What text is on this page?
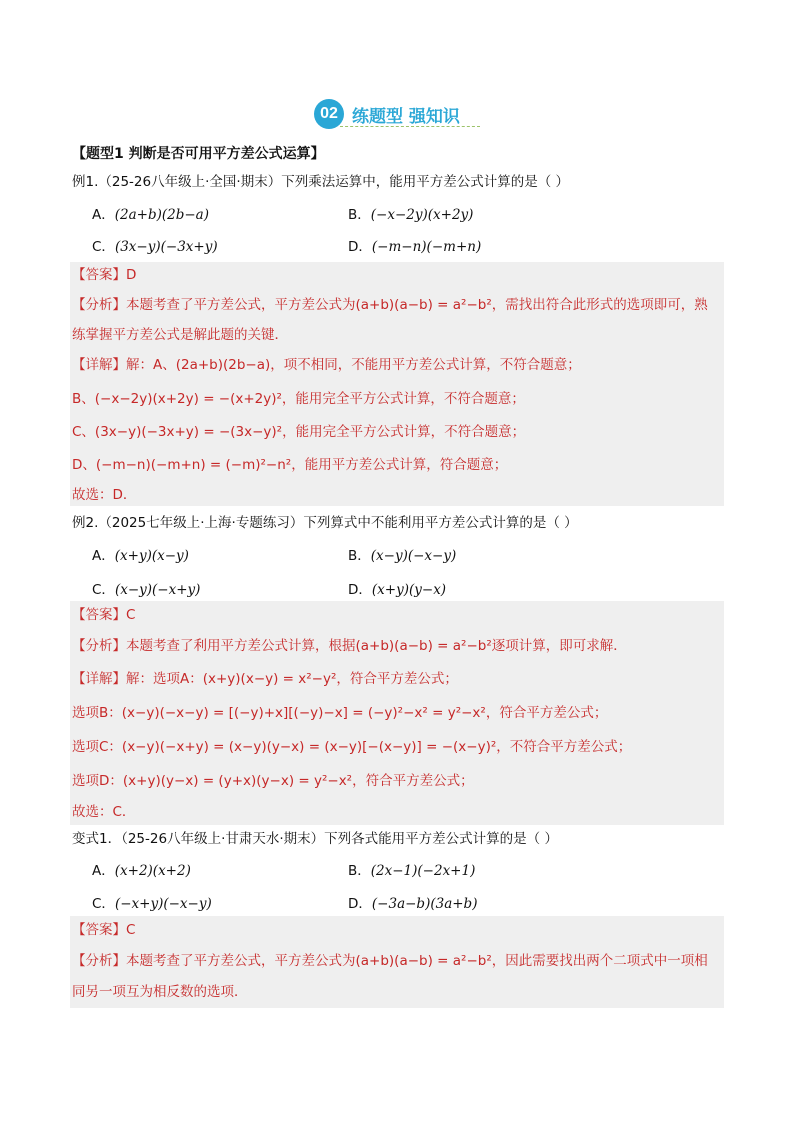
02 练题型 强知识
【题型1 判断是否可用平方差公式运算】
例1.（25-26八年级上·全国·期末）下列乘法运算中，能用平方差公式计算的是（ ）
A．(2a+b)(2b−a)	B．(−x−2y)(x+2y)
C．(3x−y)(−3x+y)	D．(−m−n)(−m+n)
【答案】D
【分析】本题考查了平方差公式，平方差公式为(a+b)(a−b) = a²−b²，需找出符合此形式的选项即可，熟
练掌握平方差公式是解此题的关键．
【详解】解：A、(2a+b)(2b−a)，项不相同，不能用平方差公式计算，不符合题意；
B、(−x−2y)(x+2y) = −(x+2y)²，能用完全平方公式计算，不符合题意；
C、(3x−y)(−3x+y) = −(3x−y)²，能用完全平方公式计算，不符合题意；
D、(−m−n)(−m+n) = (−m)²−n²，能用平方差公式计算，符合题意；
故选：D．
例2.（2025七年级上·上海·专题练习）下列算式中不能利用平方差公式计算的是（ ）
A．(x+y)(x−y)	B．(x−y)(−x−y)
C．(x−y)(−x+y)	D．(x+y)(y−x)
【答案】C
【分析】本题考查了利用平方差公式计算，根据(a+b)(a−b) = a²−b²逐项计算，即可求解．
【详解】解：选项A：(x+y)(x−y) = x²−y²，符合平方差公式；
选项B：(x−y)(−x−y) = [(−y)+x][(−y)−x] = (−y)²−x² = y²−x²，符合平方差公式；
选项C：(x−y)(−x+y) = (x−y)(y−x) = (x−y)[−(x−y)] = −(x−y)²，不符合平方差公式；
选项D：(x+y)(y−x) = (y+x)(y−x) = y²−x²，符合平方差公式；
故选：C．
变式1．（25-26八年级上·甘肃天水·期末）下列各式能用平方差公式计算的是（ ）
A．(x+2)(x+2)	B．(2x−1)(−2x+1)
C．(−x+y)(−x−y)	D．(−3a−b)(3a+b)
【答案】C
【分析】本题考查了平方差公式，平方差公式为(a+b)(a−b) = a²−b²，因此需要找出两个二项式中一项相
同另一项互为相反数的选项．
